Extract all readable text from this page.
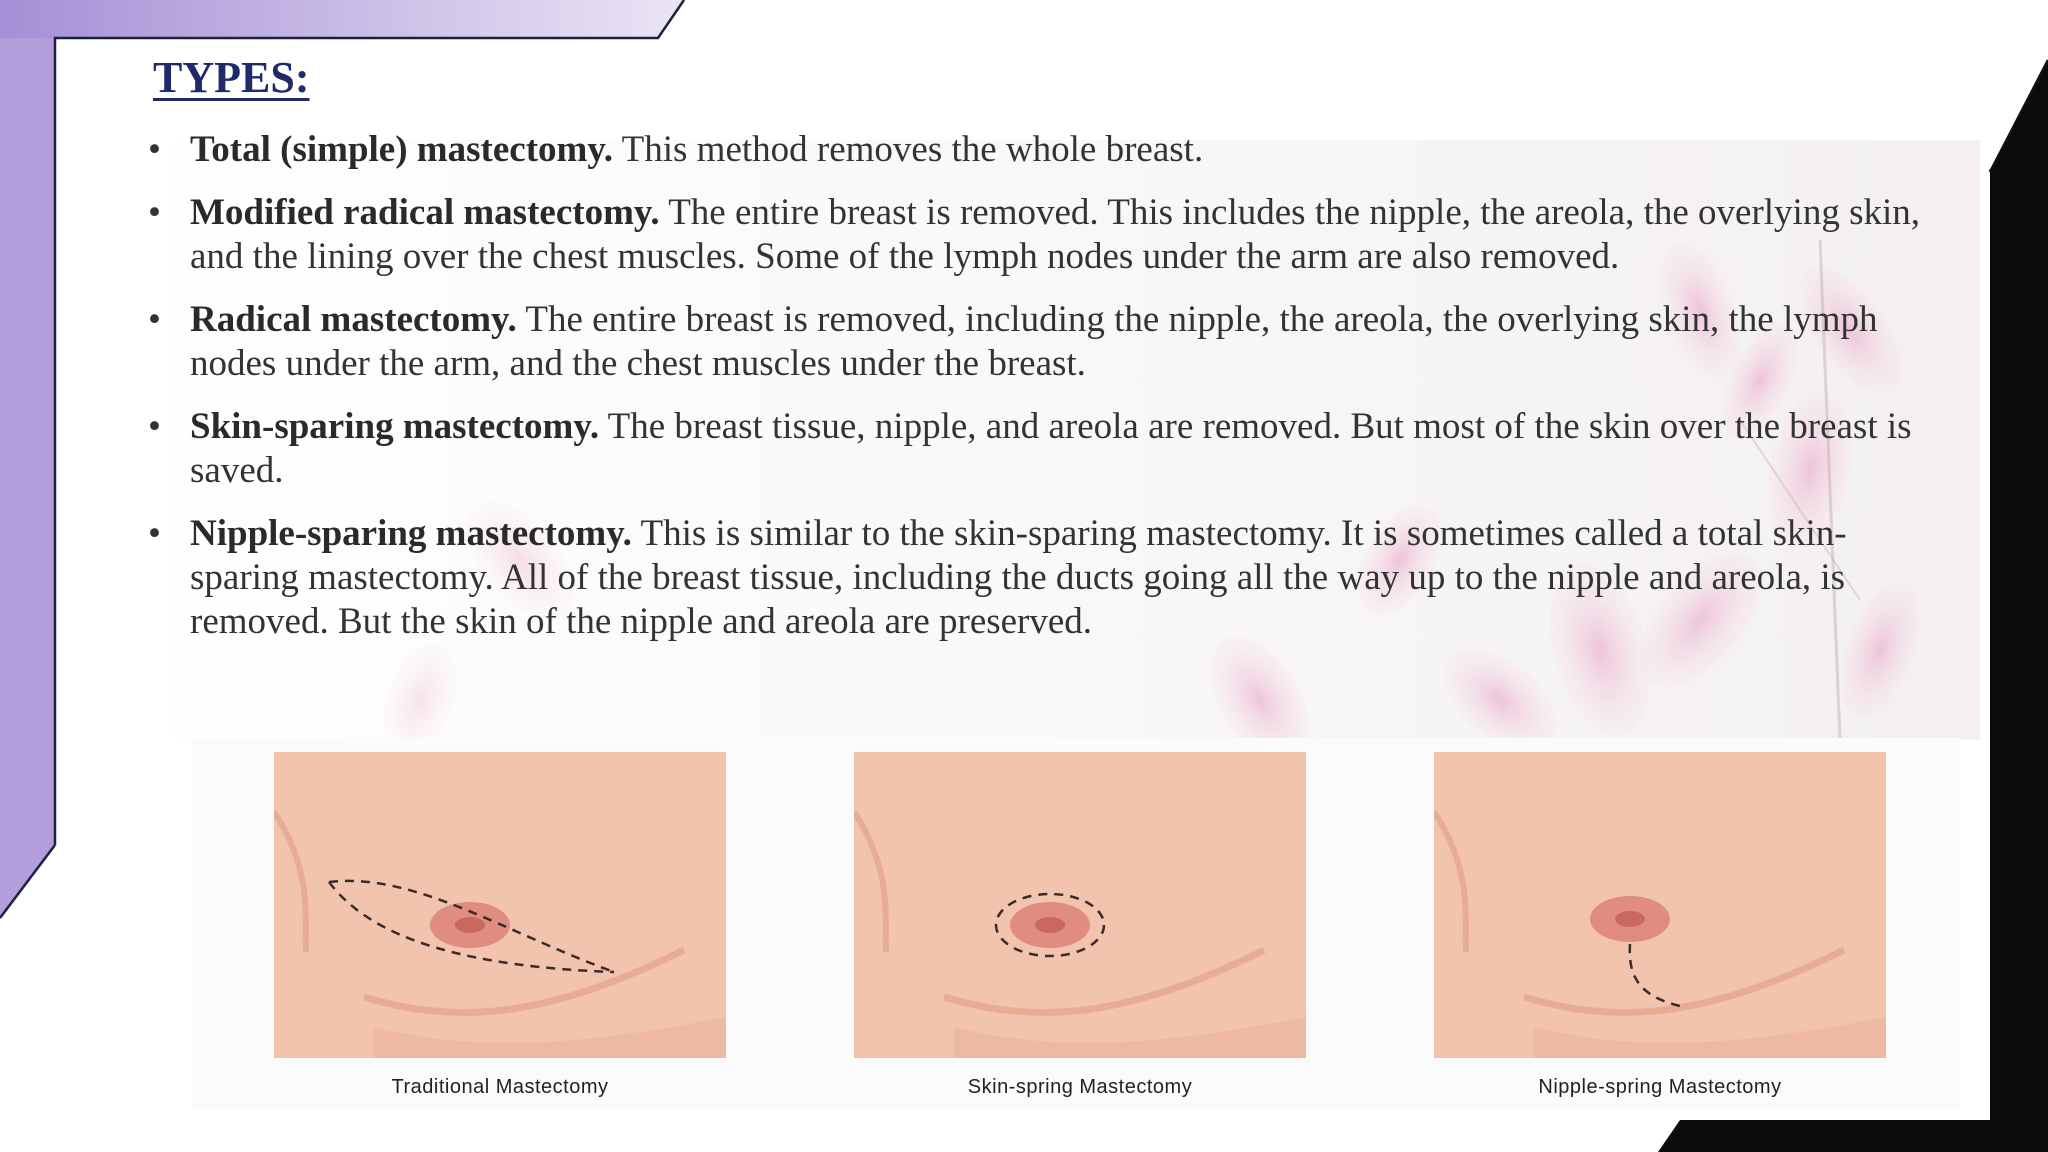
TYPES:
• Total (simple) mastectomy. This method removes the whole breast.
• Modified radical mastectomy. The entire breast is removed. This includes the nipple, the areola, the overlying skin, and the lining over the chest muscles. Some of the lymph nodes under the arm are also removed.
• Radical mastectomy. The entire breast is removed, including the nipple, the areola, the overlying skin, the lymph nodes under the arm, and the chest muscles under the breast.
• Skin-sparing mastectomy. The breast tissue, nipple, and areola are removed. But most of the skin over the breast is saved.
• Nipple-sparing mastectomy. This is similar to the skin-sparing mastectomy. It is sometimes called a total skin-sparing mastectomy. All of the breast tissue, including the ducts going all the way up to the nipple and areola, is removed. But the skin of the nipple and areola are preserved.
Traditional Mastectomy	Skin-spring Mastectomy	Nipple-spring Mastectomy
